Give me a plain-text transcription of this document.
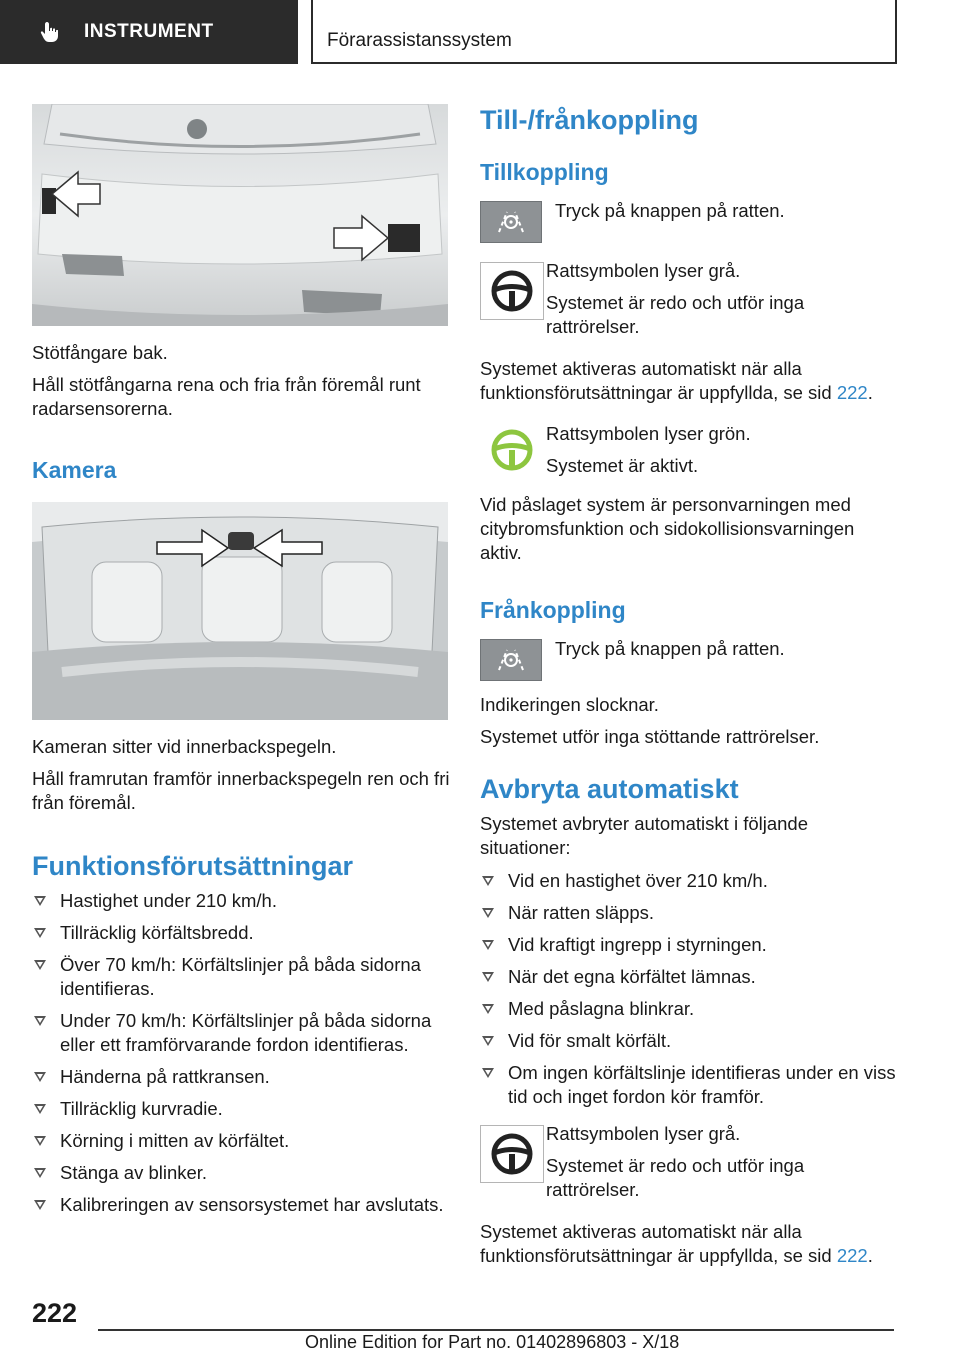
INSTRUMENT	Förarassistanssystem

Stötfångare bak.

Håll stötfångarna rena och fria från föremål runt radarsensorerna.

Kamera

Kameran sitter vid innerbackspegeln.

Håll framrutan framför innerbackspegeln ren och fri från föremål.

Funktionsförutsättningar
Hastighet under 210 km/h.
Tillräcklig körfältsbredd.
Över 70 km/h: Körfältslinjer på båda sidorna identifieras.
Under 70 km/h: Körfältslinjer på båda sidorna eller ett framförvarande fordon identifieras.
Händerna på rattkransen.
Tillräcklig kurvradie.
Körning i mitten av körfältet.
Stänga av blinker.
Kalibreringen av sensorsystemet har avslutats.
Till-/frånkoppling
Tillkoppling

Tryck på knappen på ratten.

Rattsymbolen lyser grå.

Systemet är redo och utför inga rattrörelser.

Systemet aktiveras automatiskt när alla funktionsförutsättningar är uppfyllda, se sid 222.

Rattsymbolen lyser grön.

Systemet är aktivt.

Vid påslaget system är personvarningen med citybromsfunktion och sidokollisionsvarningen aktiv.

Frånkoppling

Tryck på knappen på ratten.

Indikeringen slocknar.

Systemet utför inga stöttande rattrörelser.

Avbryta automatiskt

Systemet avbryter automatiskt i följande situationer:

Vid en hastighet över 210 km/h.
När ratten släpps.
Vid kraftigt ingrepp i styrningen.
När det egna körfältet lämnas.
Med påslagna blinkrar.
Vid för smalt körfält.
Om ingen körfältslinje identifieras under en viss tid och inget fordon kör framför.

Rattsymbolen lyser grå.

Systemet är redo och utför inga rattrörelser.

Systemet aktiveras automatiskt när alla funktionsförutsättningar är uppfyllda, se sid 222.

222

Online Edition for Part no. 01402896803 - X/18
